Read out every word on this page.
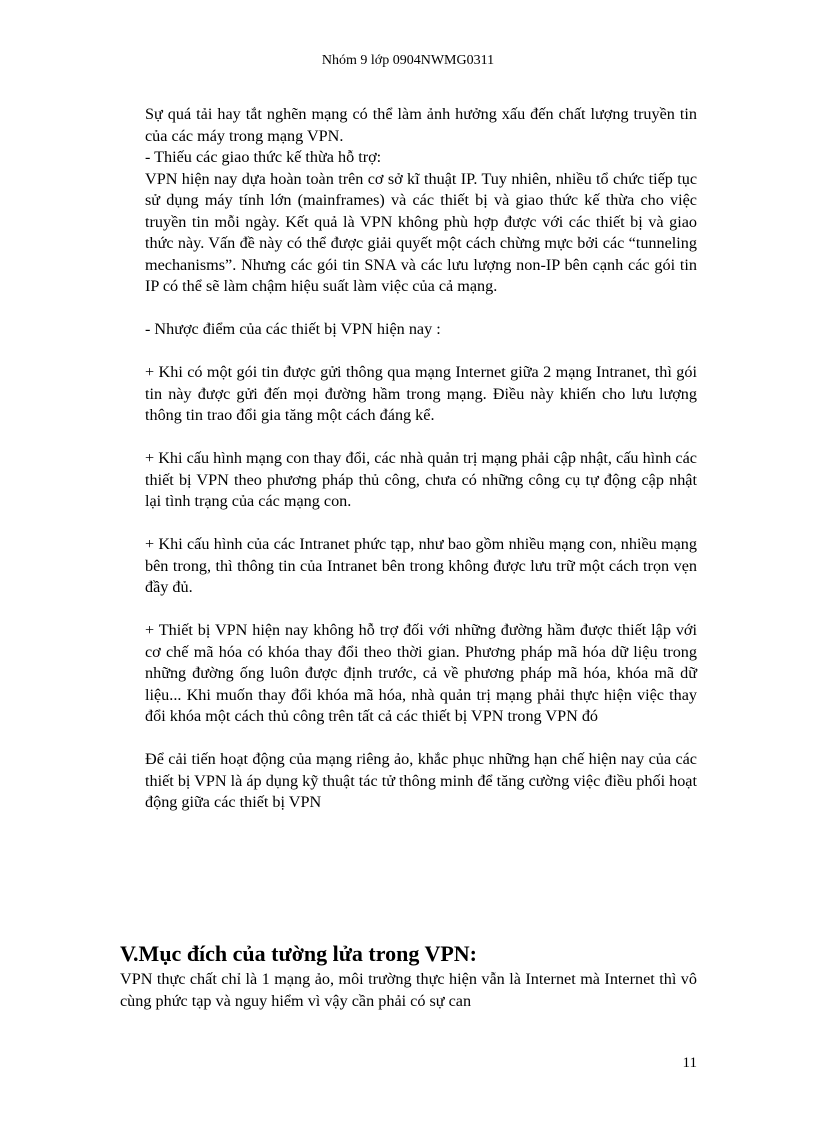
Nhóm 9 lớp 0904NWMG0311

Sự quá tải hay tắt nghẽn mạng có thể làm ảnh hưởng xấu đến chất lượng truyền tin của các máy trong mạng VPN.

- Thiếu các giao thức kế thừa hỗ trợ:

VPN hiện nay dựa hoàn toàn trên cơ sở kĩ thuật IP. Tuy nhiên, nhiều tổ chức tiếp tục sử dụng máy tính lớn (mainframes) và các thiết bị và giao thức kế thừa cho việc truyền tin mỗi ngày. Kết quả là VPN không phù hợp được với các thiết bị và giao thức này. Vấn đề này có thể được giải quyết một cách chừng mực bởi các “tunneling mechanisms”. Nhưng các gói tin SNA và các lưu lượng non-IP bên cạnh các gói tin IP có thể sẽ làm chậm hiệu suất làm việc của cả mạng.

- Nhược điểm của các thiết bị VPN hiện nay :

+ Khi có một gói tin được gửi thông qua mạng Internet giữa 2 mạng Intranet, thì gói tin này được gửi đến mọi đường hầm trong mạng. Điều này khiến cho lưu lượng thông tin trao đổi gia tăng một cách đáng kể.

+ Khi cấu hình mạng con thay đổi, các nhà quản trị mạng phải cập nhật, cấu hình các thiết bị VPN theo phương pháp thủ công, chưa có những công cụ tự động cập nhật lại tình trạng của các mạng con.

+ Khi cấu hình của các Intranet phức tạp, như bao gồm nhiều mạng con, nhiều mạng bên trong, thì thông tin của Intranet bên trong không được lưu trữ một cách trọn vẹn đầy đủ.

+ Thiết bị VPN hiện nay không hỗ trợ đối với những đường hầm được thiết lập với cơ chế mã hóa có khóa thay đổi theo thời gian. Phương pháp mã hóa dữ liệu trong những đường ống luôn được định trước, cả về phương pháp mã hóa, khóa mã dữ liệu... Khi muốn thay đổi khóa mã hóa, nhà quản trị mạng phải thực hiện việc thay đổi khóa một cách thủ công trên tất cả các thiết bị VPN trong VPN đó

Để cải tiến hoạt động của mạng riêng ảo, khắc phục những hạn chế hiện nay của các thiết bị VPN là áp dụng kỹ thuật tác tử thông minh để tăng cường việc điều phối hoạt động giữa các thiết bị VPN

V.Mục đích của tường lửa trong VPN:

VPN thực chất chỉ là 1 mạng ảo, môi trường thực hiện vẫn là Internet mà Internet thì vô cùng phức tạp và nguy hiểm vì vậy cần phải có sự can

11
